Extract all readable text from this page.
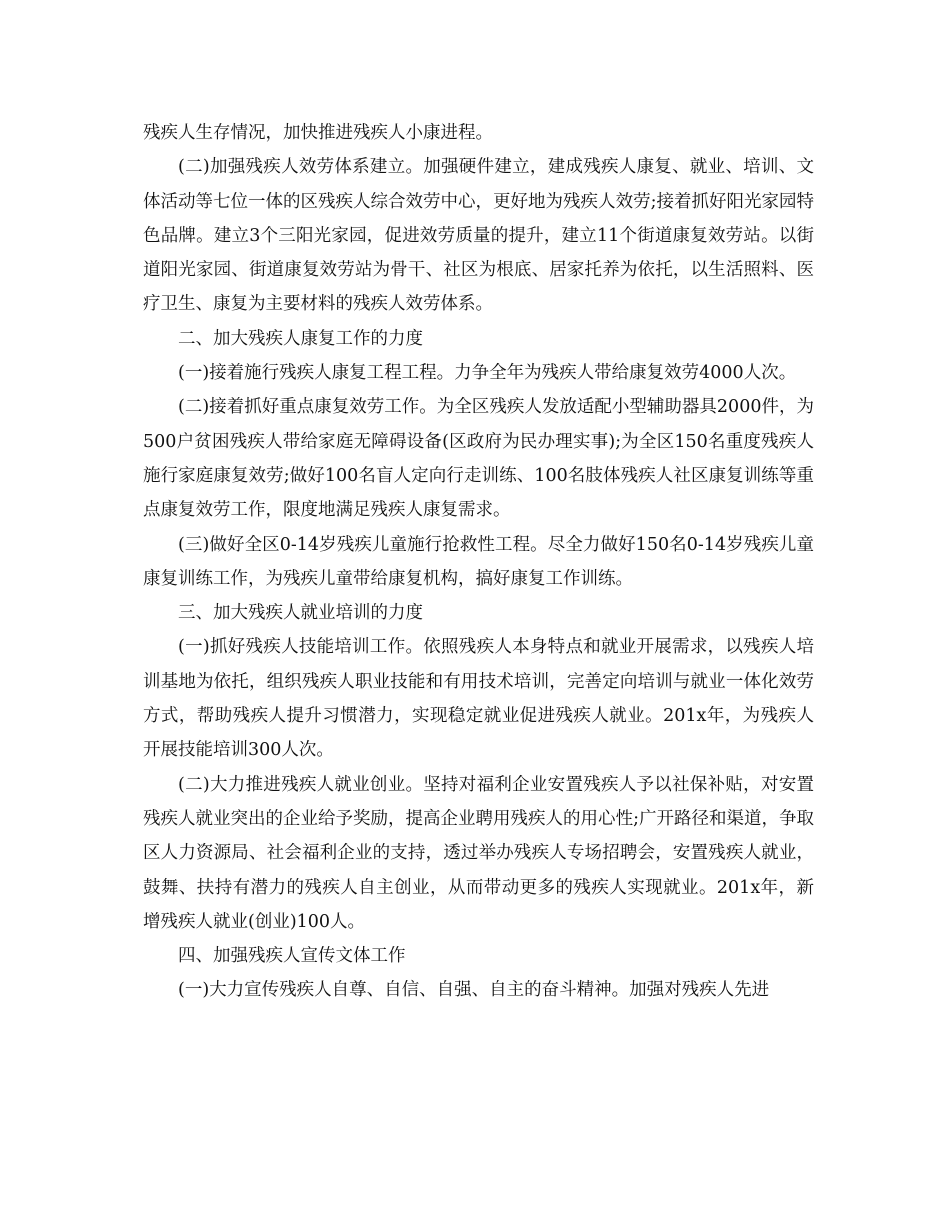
残疾人生存情况，加快推进残疾人小康进程。

(二)加强残疾人效劳体系建立。加强硬件建立，建成残疾人康复、就业、培训、文体活动等七位一体的区残疾人综合效劳中心，更好地为残疾人效劳;接着抓好阳光家园特色品牌。建立3个三阳光家园，促进效劳质量的提升，建立11个街道康复效劳站。以街道阳光家园、街道康复效劳站为骨干、社区为根底、居家托养为依托，以生活照料、医疗卫生、康复为主要材料的残疾人效劳体系。

二、加大残疾人康复工作的力度

(一)接着施行残疾人康复工程工程。力争全年为残疾人带给康复效劳4000人次。

(二)接着抓好重点康复效劳工作。为全区残疾人发放适配小型辅助器具2000件，为500户贫困残疾人带给家庭无障碍设备(区政府为民办理实事);为全区150名重度残疾人施行家庭康复效劳;做好100名盲人定向行走训练、100名肢体残疾人社区康复训练等重点康复效劳工作，限度地满足残疾人康复需求。

(三)做好全区0-14岁残疾儿童施行抢救性工程。尽全力做好150名0-14岁残疾儿童康复训练工作，为残疾儿童带给康复机构，搞好康复工作训练。

三、加大残疾人就业培训的力度

(一)抓好残疾人技能培训工作。依照残疾人本身特点和就业开展需求，以残疾人培训基地为依托，组织残疾人职业技能和有用技术培训，完善定向培训与就业一体化效劳方式，帮助残疾人提升习惯潜力，实现稳定就业促进残疾人就业。201x年，为残疾人开展技能培训300人次。

(二)大力推进残疾人就业创业。坚持对福利企业安置残疾人予以社保补贴，对安置残疾人就业突出的企业给予奖励，提高企业聘用残疾人的用心性;广开路径和渠道，争取区人力资源局、社会福利企业的支持，透过举办残疾人专场招聘会，安置残疾人就业，鼓舞、扶持有潜力的残疾人自主创业，从而带动更多的残疾人实现就业。201x年，新增残疾人就业(创业)100人。

四、加强残疾人宣传文体工作

(一)大力宣传残疾人自尊、自信、自强、自主的奋斗精神。加强对残疾人先进
